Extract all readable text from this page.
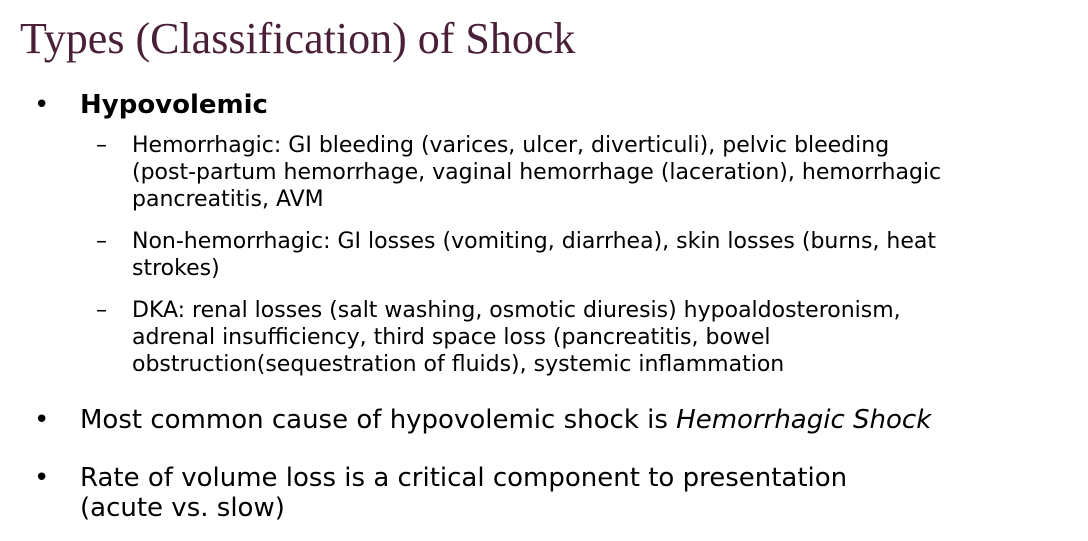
Types (Classification) of Shock
• Hypovolemic
–	Hemorrhagic: GI bleeding (varices, ulcer, diverticuli), pelvic bleeding
(post-partum hemorrhage, vaginal hemorrhage (laceration), hemorrhagic
pancreatitis, AVM
–	Non-hemorrhagic: GI losses (vomiting, diarrhea), skin losses (burns, heat
strokes)
–	DKA: renal losses (salt washing, osmotic diuresis) hypoaldosteronism,
adrenal insufficiency, third space loss (pancreatitis, bowel
obstruction(sequestration of fluids), systemic inflammation
• Most common cause of hypovolemic shock is Hemorrhagic Shock
• Rate of volume loss is a critical component to presentation
(acute vs. slow)
